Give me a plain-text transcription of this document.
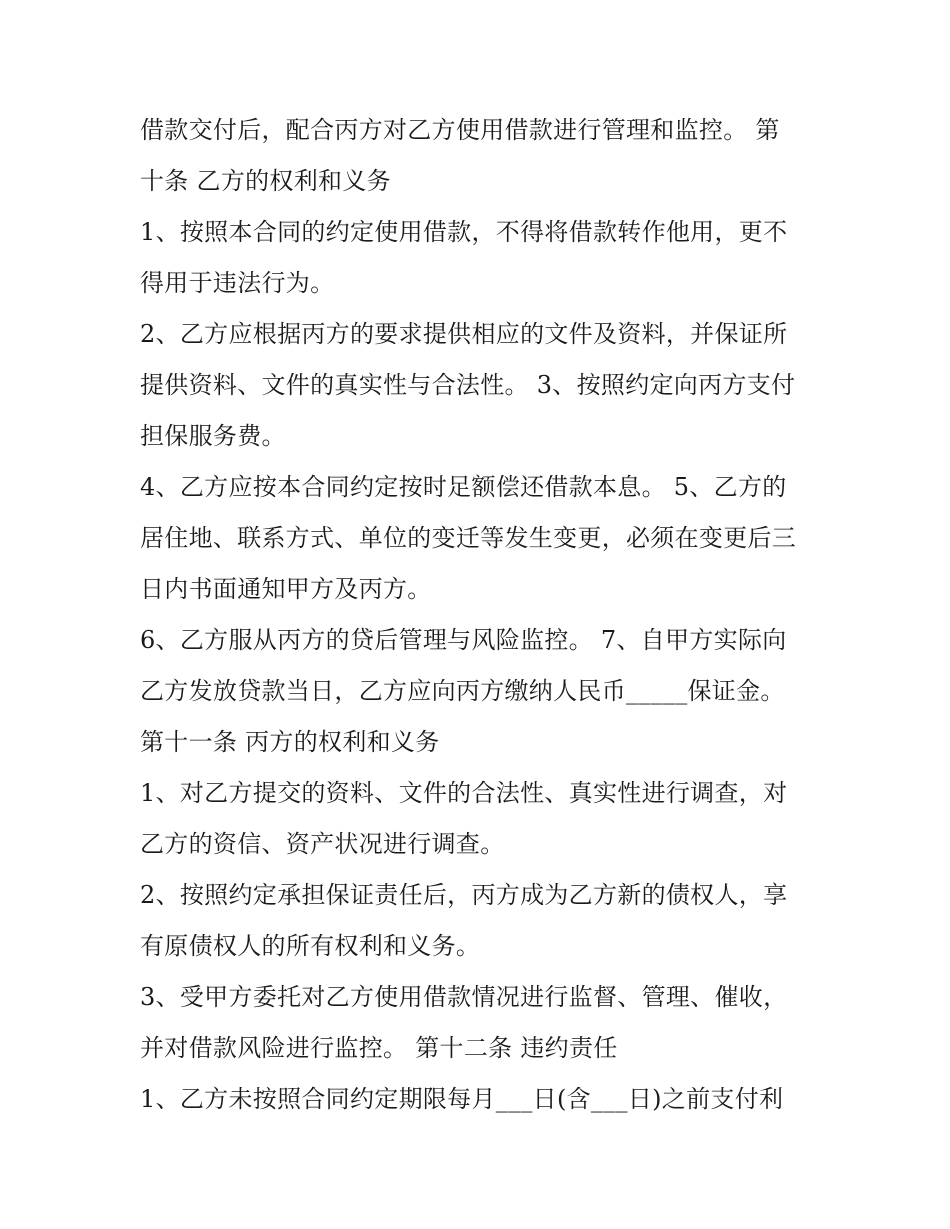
借款交付后，配合丙方对乙方使用借款进行管理和监控。 第
十条 乙方的权利和义务
1、按照本合同的约定使用借款，不得将借款转作他用，更不
得用于违法行为。
2、乙方应根据丙方的要求提供相应的文件及资料，并保证所
提供资料、文件的真实性与合法性。 3、按照约定向丙方支付
担保服务费。
4、乙方应按本合同约定按时足额偿还借款本息。 5、乙方的
居住地、联系方式、单位的变迁等发生变更，必须在变更后三
日内书面通知甲方及丙方。
6、乙方服从丙方的贷后管理与风险监控。 7、自甲方实际向
乙方发放贷款当日，乙方应向丙方缴纳人民币_____保证金。
第十一条 丙方的权利和义务
1、对乙方提交的资料、文件的合法性、真实性进行调查，对
乙方的资信、资产状况进行调查。
2、按照约定承担保证责任后，丙方成为乙方新的债权人，享
有原债权人的所有权利和义务。
3、受甲方委托对乙方使用借款情况进行监督、管理、催收，
并对借款风险进行监控。 第十二条 违约责任
1、乙方未按照合同约定期限每月___日(含___日)之前支付利
